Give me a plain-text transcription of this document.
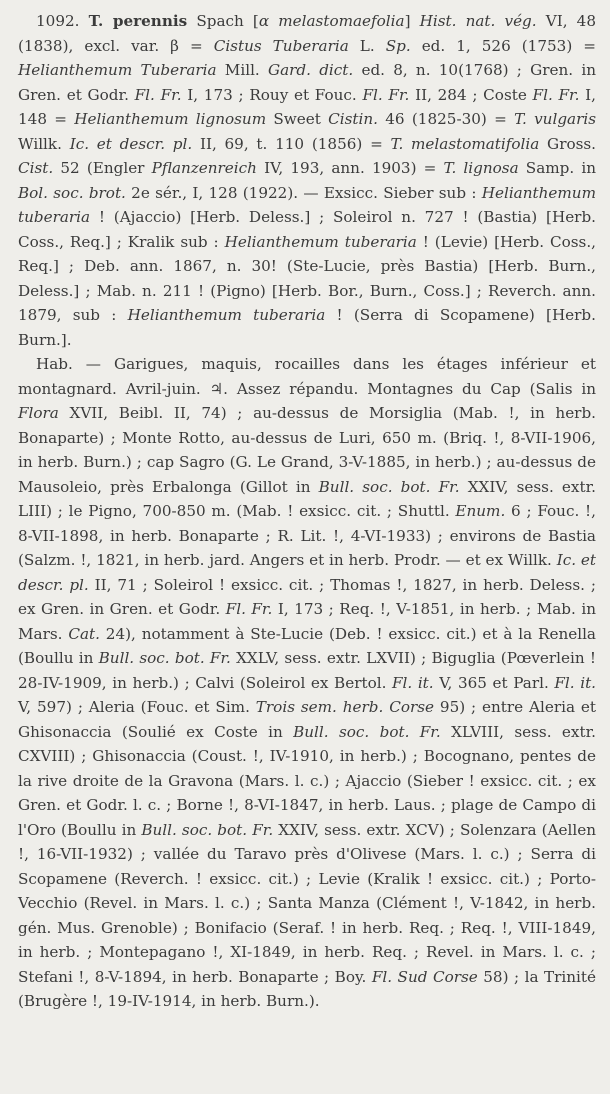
1092. T. perennis Spach [α melastomaefolia] Hist. nat. vég. VI, 48 (1838), excl. var. β = Cistus Tuberaria L. Sp. ed. 1, 526 (1753) = Helianthemum Tuberaria Mill. Gard. dict. ed. 8, n. 10(1768) ; Gren. in Gren. et Godr. Fl. Fr. I, 173 ; Rouy et Fouc. Fl. Fr. II, 284 ; Coste Fl. Fr. I, 148 = Helianthemum lignosum Sweet Cistin. 46 (1825-30) = T. vulgaris Willk. Ic. et descr. pl. II, 69, t. 110 (1856) = T. melastomatifolia Gross. Cist. 52 (Engler Pflanzenreich IV, 193, ann. 1903) = T. lignosa Samp. in Bol. soc. brot. 2e sér., I, 128 (1922). — Exsicc. Sieber sub : Helianthemum tuberaria ! (Ajaccio) [Herb. Deless.] ; Soleirol n. 727 ! (Bastia) [Herb. Coss., Req.] ; Kralik sub : Helianthemum tuberaria ! (Levie) [Herb. Coss., Req.] ; Deb. ann. 1867, n. 30! (Ste-Lucie, près Bastia) [Herb. Burn., Deless.] ; Mab. n. 211 ! (Pigno) [Herb. Bor., Burn., Coss.] ; Reverch. ann. 1879, sub : Helianthemum tuberaria ! (Serra di Scopamene) [Herb. Burn.].

Hab. — Garigues, maquis, rocailles dans les étages inférieur et montagnard. Avril-juin. ♃. Assez répandu. Montagnes du Cap (Salis in Flora XVII, Beibl. II, 74) ; au-dessus de Morsiglia (Mab. !, in herb. Bonaparte) ; Monte Rotto, au-dessus de Luri, 650 m. (Briq. !, 8-VII-1906, in herb. Burn.) ; cap Sagro (G. Le Grand, 3-V-1885, in herb.) ; au-dessus de Mausoleio, près Erbalonga (Gillot in Bull. soc. bot. Fr. XXIV, sess. extr. LIII) ; le Pigno, 700-850 m. (Mab. ! exsicc. cit. ; Shuttl. Enum. 6 ; Fouc. !, 8-VII-1898, in herb. Bonaparte ; R. Lit. !, 4-VI-1933) ; environs de Bastia (Salzm. !, 1821, in herb. jard. Angers et in herb. Prodr. — et ex Willk. Ic. et descr. pl. II, 71 ; Soleirol ! exsicc. cit. ; Thomas !, 1827, in herb. Deless. ; ex Gren. in Gren. et Godr. Fl. Fr. I, 173 ; Req. !, V-1851, in herb. ; Mab. in Mars. Cat. 24), notamment à Ste-Lucie (Deb. ! exsicc. cit.) et à la Renella (Boullu in Bull. soc. bot. Fr. XXLV, sess. extr. LXVII) ; Biguglia (Pœverlein ! 28-IV-1909, in herb.) ; Calvi (Soleirol ex Bertol. Fl. it. V, 365 et Parl. Fl. it. V, 597) ; Aleria (Fouc. et Sim. Trois sem. herb. Corse 95) ; entre Aleria et Ghisonaccia (Soulié ex Coste in Bull. soc. bot. Fr. XLVIII, sess. extr. CXVIII) ; Ghisonaccia (Coust. !, IV-1910, in herb.) ; Bocognano, pentes de la rive droite de la Gravona (Mars. l. c.) ; Ajaccio (Sieber ! exsicc. cit. ; ex Gren. et Godr. l. c. ; Borne !, 8-VI-1847, in herb. Laus. ; plage de Campo di l'Oro (Boullu in Bull. soc. bot. Fr. XXIV, sess. extr. XCV) ; Solenzara (Aellen !, 16-VII-1932) ; vallée du Taravo près d'Olivese (Mars. l. c.) ; Serra di Scopamene (Reverch. ! exsicc. cit.) ; Levie (Kralik ! exsicc. cit.) ; Porto-Vecchio (Revel. in Mars. l. c.) ; Santa Manza (Clément !, V-1842, in herb. gén. Mus. Grenoble) ; Bonifacio (Seraf. ! in herb. Req. ; Req. !, VIII-1849, in herb. ; Montepagano !, XI-1849, in herb. Req. ; Revel. in Mars. l. c. ; Stefani !, 8-V-1894, in herb. Bonaparte ; Boy. Fl. Sud Corse 58) ; la Trinité (Brugère !, 19-IV-1914, in herb. Burn.).
